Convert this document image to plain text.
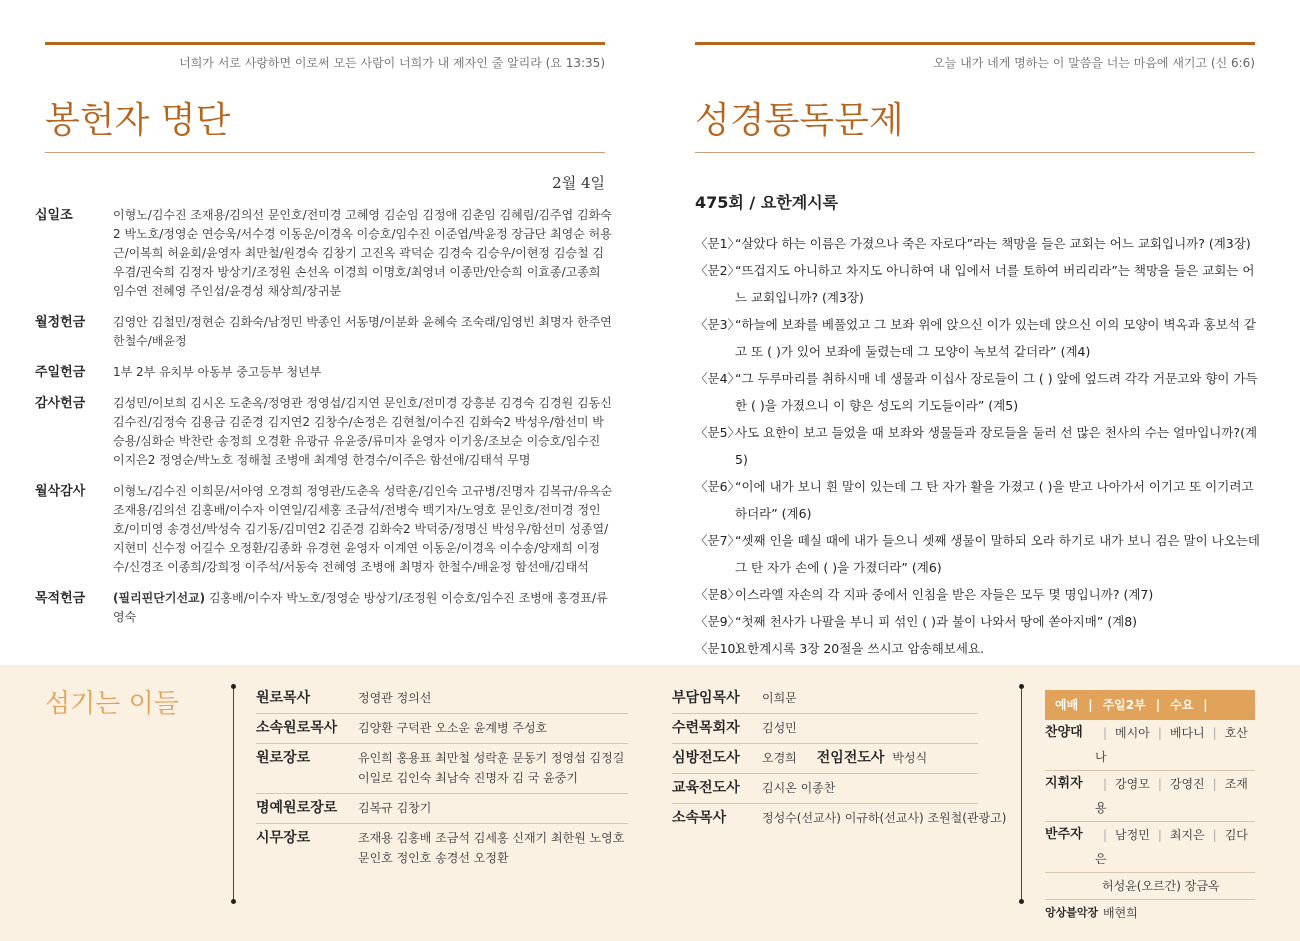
너희가 서로 사랑하면 이로써 모든 사람이 너희가 내 제자인 줄 알리라 (요 13:35)
봉헌자 명단
2월 4일
십일조	이형노/김수진 조재용/김의선 문인호/전미경 고혜영 김순임 김정애 김춘임 김혜림/김주엽 김화숙2 박노호/정영순 연승욱/서수경 이동운/이경옥 이승호/임수진 이준엽/박윤정 장금단 최영순 허용근/이복희 허윤회/윤영자 최만철/원경숙 김창기 고진옥 곽덕순 김경숙 김승우/이현정 김승철 김우겸/권숙희 김정자 방상기/조정원 손선옥 이경희 이명호/최영녀 이종만/안승희 이효종/고종희 임수연 전혜영 주인섭/윤경성 채상희/장귀분
월정헌금	김영안 김철민/정현순 김화숙/남정민 박종인 서동명/이분화 윤혜숙 조숙래/임영빈 최명자 한주연 한철수/배윤정
주일헌금	1부 2부 유치부 아동부 중고등부 청년부
감사헌금	김성민/이보희 김시온 도춘옥/정영관 정영섭/김지연 문인호/전미경 강흥분 김경숙 김경원 김동신 김수진/김정숙 김용금 김준경 김지연2 김창수/손정은 김현철/이수진 김화숙2 박성우/함선미 박승용/심화순 박찬란 송정희 오경환 유광규 유윤중/류미자 윤영자 이기웅/조보순 이승호/임수진 이지은2 정영순/박노호 정해철 조병애 최계영 한경수/이주은 함선애/김태석 무명
월삭감사	이형노/김수진 이희문/서아영 오경희 정영관/도춘옥 성락훈/김인숙 고규병/진명자 김복규/유옥순 조재용/김의선 김홍배/이수자 이연일/김세홍 조금석/전병숙 백기자/노영호 문인호/전미경 정인호/이미영 송경선/박성숙 김기동/김미연2 김준경 김화숙2 박덕중/정명신 박성우/함선미 성종열/지현미 신수정 어길수 오정환/김종화 유경현 윤영자 이계연 이동운/이경옥 이수송/양재희 이정수/신경조 이종희/강희정 이주석/서동숙 전혜영 조병애 최명자 한철수/배윤정 함선애/김태석
목적헌금	(필리핀단기선교) 김홍배/이수자 박노호/정영순 방상기/조정원 이승호/임수진 조병애 홍경표/류영숙
오늘 내가 네게 명하는 이 말씀을 너는 마음에 새기고 (신 6:6)
성경통독문제
475회 / 요한계시록
〈문1〉
“살았다 하는 이름은 가졌으나 죽은 자로다”라는 책망을 들은 교회는 어느 교회입니까? (계3장)
〈문2〉
“뜨겁지도 아니하고 차지도 아니하여 내 입에서 너를 토하여 버리리라”는 책망을 들은 교회는 어느 교회입니까? (계3장)
〈문3〉
“하늘에 보좌를 베풀었고 그 보좌 위에 앉으신 이가 있는데 앉으신 이의 모양이 벽옥과 홍보석 같고 또 ( )가 있어 보좌에 둘렸는데 그 모양이 녹보석 같더라” (계4)
〈문4〉
“그 두루마리를 취하시매 네 생물과 이십사 장로들이 그 ( ) 앞에 엎드려 각각 거문고와 향이 가득한 ( )을 가졌으니 이 향은 성도의 기도들이라” (계5)
〈문5〉
사도 요한이 보고 들었을 때 보좌와 생물들과 장로들을 둘러 선 많은 천사의 수는 얼마입니까?(계5)
〈문6〉
“이에 내가 보니 흰 말이 있는데 그 탄 자가 활을 가졌고 ( )을 받고 나아가서 이기고 또 이기려고 하더라” (계6)
〈문7〉
“셋째 인을 떼실 때에 내가 들으니 셋째 생물이 말하되 오라 하기로 내가 보니 검은 말이 나오는데 그 탄 자가 손에 ( )을 가졌더라” (계6)
〈문8〉
이스라엘 자손의 각 지파 중에서 인침을 받은 자들은 모두 몇 명입니까? (계7)
〈문9〉
“첫째 천사가 나팔을 부니 피 섞인 ( )과 불이 나와서 땅에 쏟아지매” (계8)
〈문10〉
요한계시록 3장 20절을 쓰시고 암송해보세요.
섬기는 이들	원로목사	정영관 정의선
소속원로목사	김양환 구덕관 오소운 윤계병 주성호
원로장로	유인희 홍용표 최만철 성락훈 문동기 정영섭 김정길 이일로 김인숙 최남숙 진명자 김 국 윤중기
명예원로장로	김복규 김창기
시무장로	조재용 김홍배 조금석 김세홍 신재기 최한원 노영호 문인호 정인호 송경선 오정환
부담임목사	이희문
수련목회자	김성민
심방전도사	오경희 전임전도사 박성식
교육전도사	김시온 이종찬
소속목사	정성수(선교사) 이규하(선교사) 조원철(관광고)
예배 | 주일2부 | 수요 |
찬양대	| 메시아 | 베다니 | 호산나
지휘자	| 강영모 | 강영진 | 조재용
반주자	| 남정민 | 최지은 | 김다은
허성윤(오르간) 장금옥
앙상블악장 배현희
